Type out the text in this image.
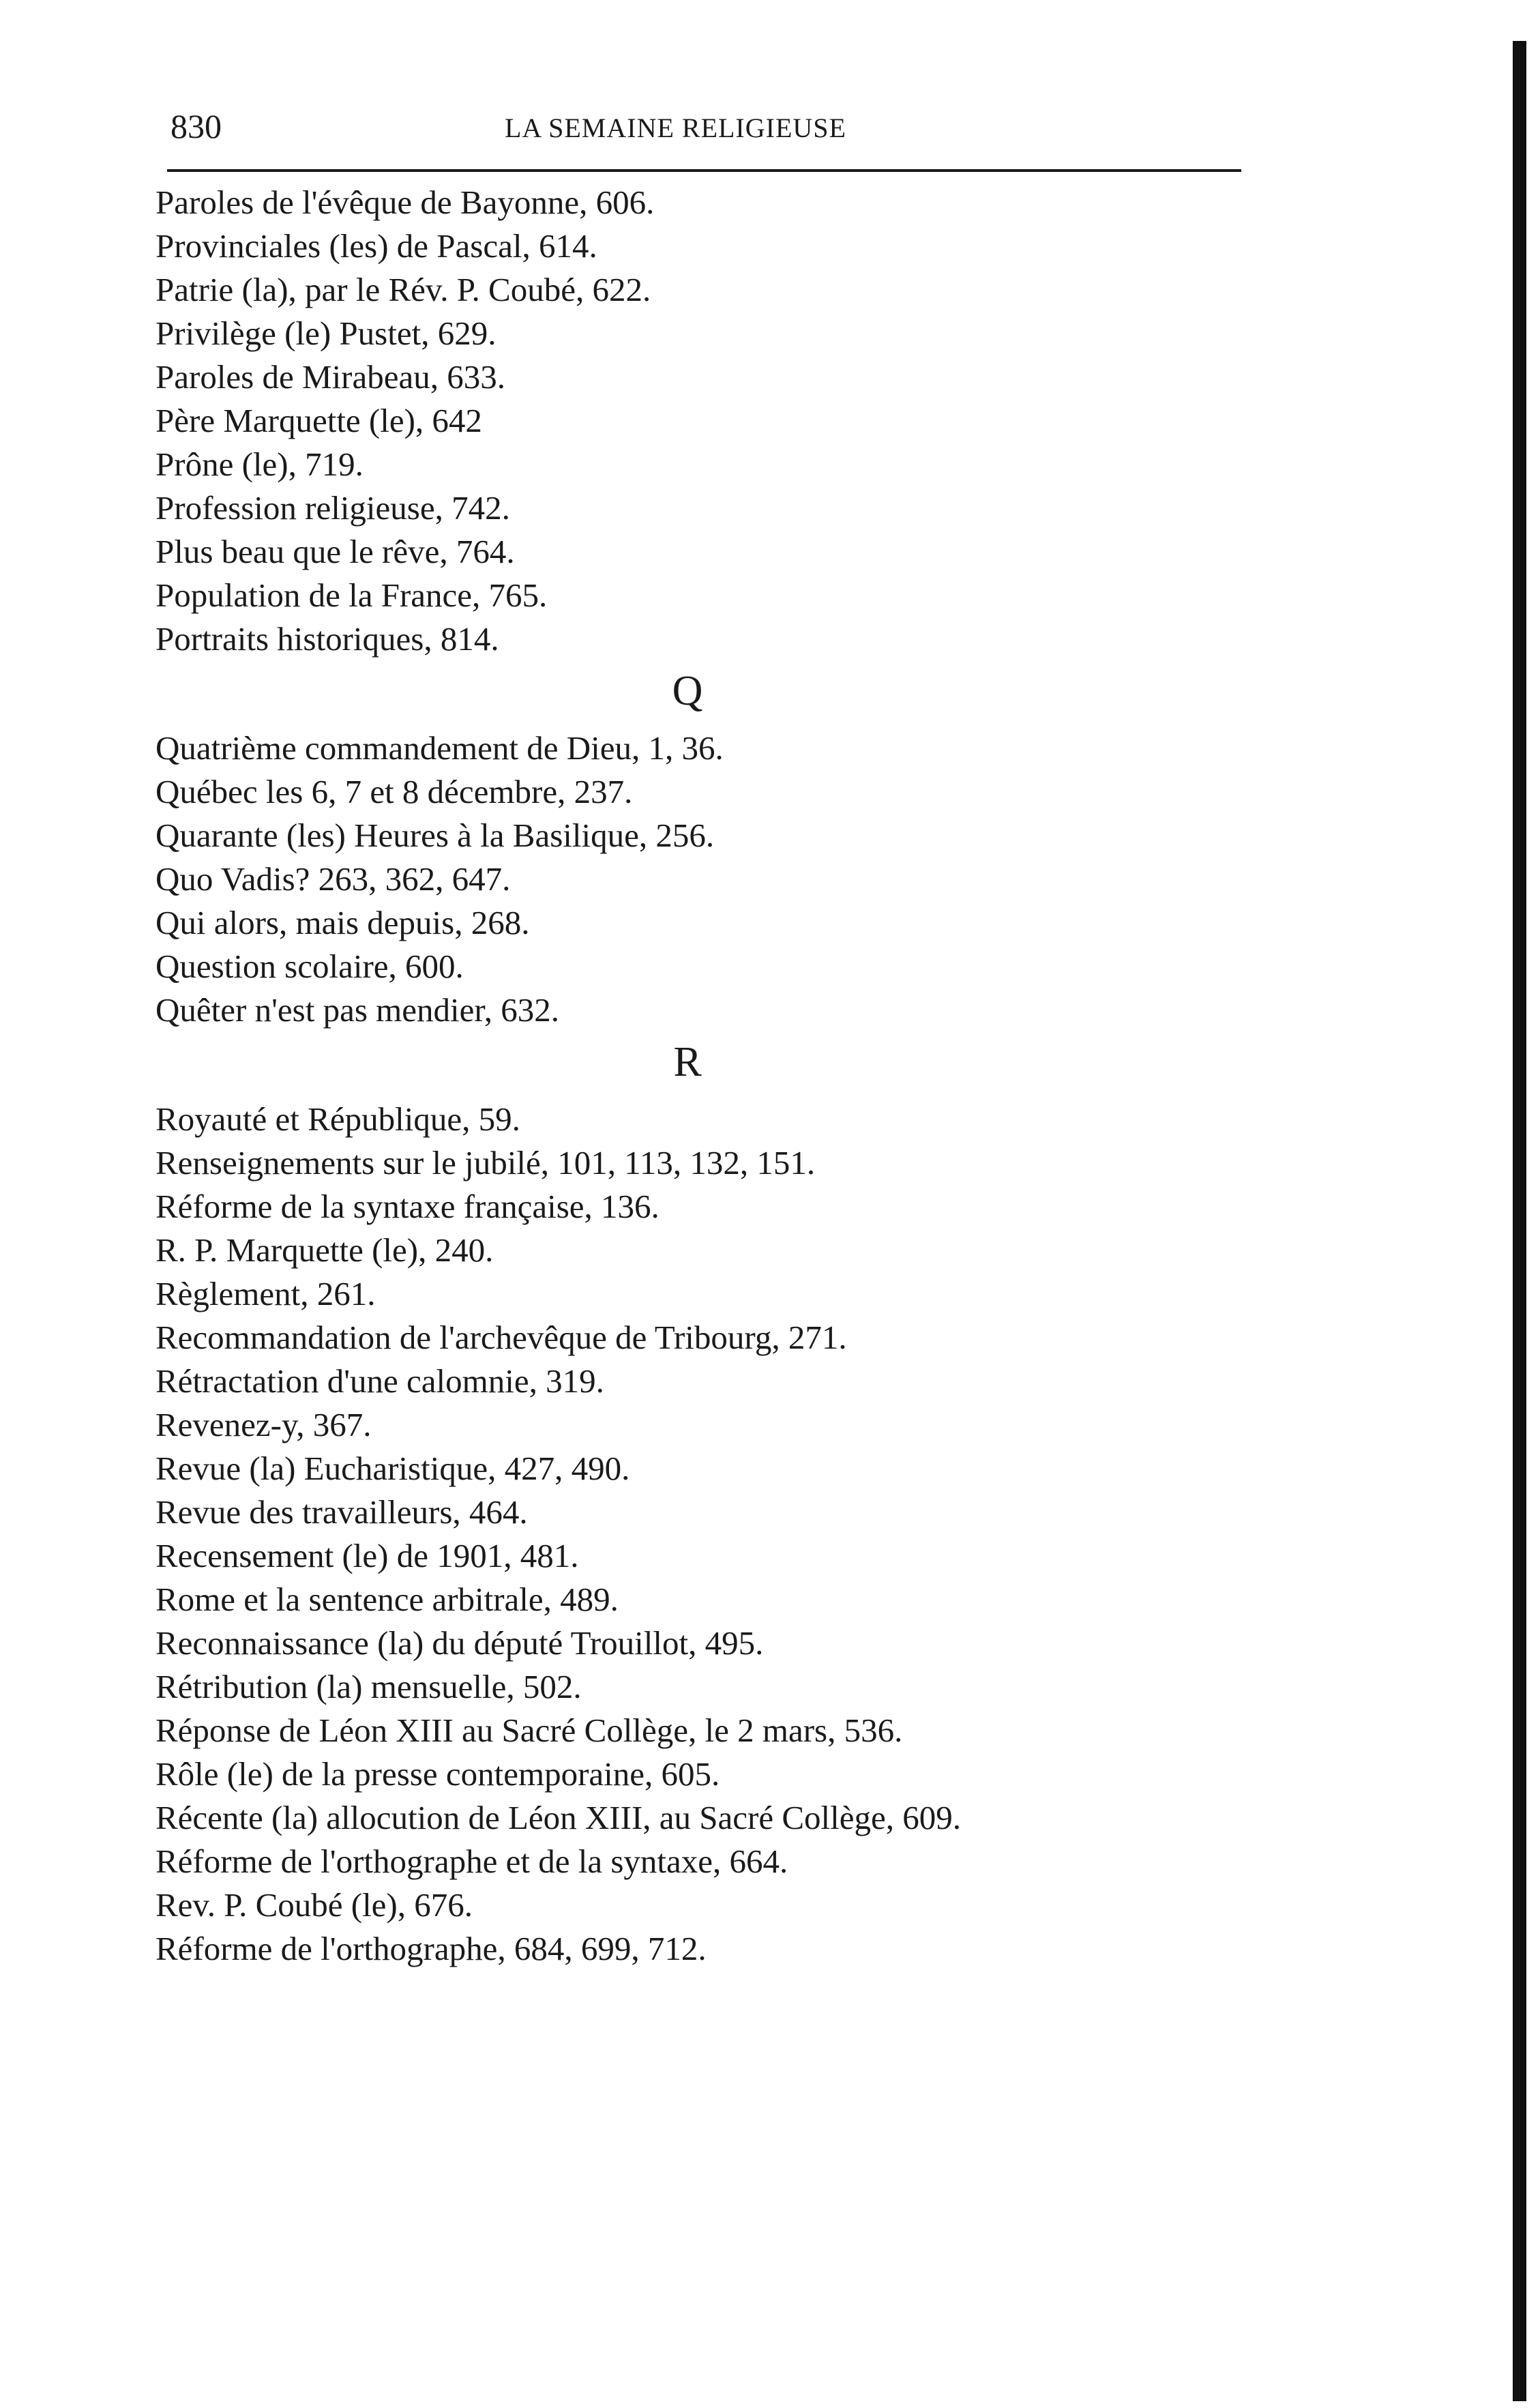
830	LA SEMAINE RELIGIEUSE
Paroles de l'évêque de Bayonne, 606.
Provinciales (les) de Pascal, 614.
Patrie (la), par le Rév. P. Coubé, 622.
Privilège (le) Pustet, 629.
Paroles de Mirabeau, 633.
Père Marquette (le), 642
Prône (le), 719.
Profession religieuse, 742.
Plus beau que le rêve, 764.
Population de la France, 765.
Portraits historiques, 814.
Q
Quatrième commandement de Dieu, 1, 36.
Québec les 6, 7 et 8 décembre, 237.
Quarante (les) Heures à la Basilique, 256.
Quo Vadis? 263, 362, 647.
Qui alors, mais depuis, 268.
Question scolaire, 600.
Quêter n'est pas mendier, 632.
R
Royauté et République, 59.
Renseignements sur le jubilé, 101, 113, 132, 151.
Réforme de la syntaxe française, 136.
R. P. Marquette (le), 240.
Règlement, 261.
Recommandation de l'archevêque de Tribourg, 271.
Rétractation d'une calomnie, 319.
Revenez-y, 367.
Revue (la) Eucharistique, 427, 490.
Revue des travailleurs, 464.
Recensement (le) de 1901, 481.
Rome et la sentence arbitrale, 489.
Reconnaissance (la) du député Trouillot, 495.
Rétribution (la) mensuelle, 502.
Réponse de Léon XIII au Sacré Collège, le 2 mars, 536.
Rôle (le) de la presse contemporaine, 605.
Récente (la) allocution de Léon XIII, au Sacré Collège, 609.
Réforme de l'orthographe et de la syntaxe, 664.
Rev. P. Coubé (le), 676.
Réforme de l'orthographe, 684, 699, 712.
